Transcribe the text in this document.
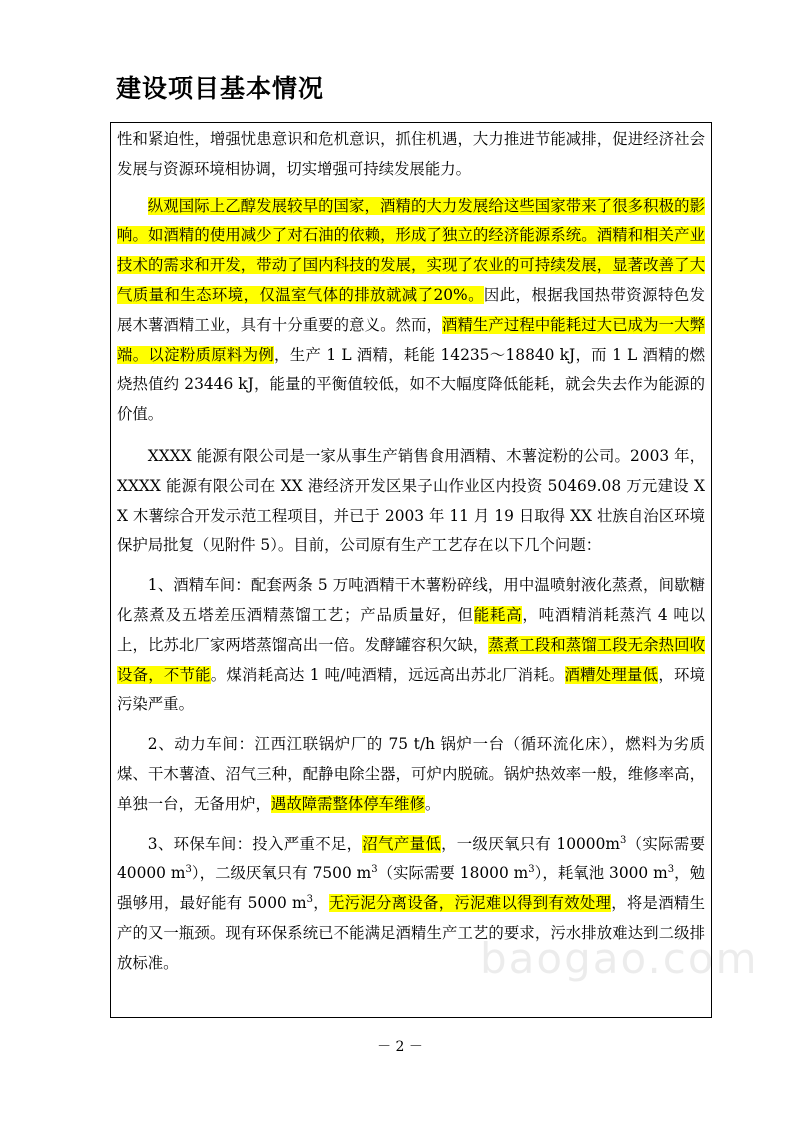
建设项目基本情况

性和紧迫性，增强忧患意识和危机意识，抓住机遇，大力推进节能减排，促进经济社会发展与资源环境相协调，切实增强可持续发展能力。

纵观国际上乙醇发展较早的国家，酒精的大力发展给这些国家带来了很多积极的影响。如酒精的使用减少了对石油的依赖，形成了独立的经济能源系统。酒精和相关产业技术的需求和开发，带动了国内科技的发展，实现了农业的可持续发展，显著改善了大气质量和生态环境，仅温室气体的排放就减了20%。因此，根据我国热带资源特色发展木薯酒精工业，具有十分重要的意义。然而，酒精生产过程中能耗过大已成为一大弊端。以淀粉质原料为例，生产 1 L 酒精，耗能 14235～18840 kJ，而 1 L 酒精的燃烧热值约 23446 kJ，能量的平衡值较低，如不大幅度降低能耗，就会失去作为能源的价值。

XXXX 能源有限公司是一家从事生产销售食用酒精、木薯淀粉的公司。2003 年，XXXX 能源有限公司在 XX 港经济开发区果子山作业区内投资 50469.08 万元建设 XX 木薯综合开发示范工程项目，并已于 2003 年 11 月 19 日取得 XX 壮族自治区环境保护局批复（见附件 5）。目前，公司原有生产工艺存在以下几个问题：

1、酒精车间：配套两条 5 万吨酒精干木薯粉碎线，用中温喷射液化蒸煮，间歇糖化蒸煮及五塔差压酒精蒸馏工艺；产品质量好，但能耗高，吨酒精消耗蒸汽 4 吨以上，比苏北厂家两塔蒸馏高出一倍。发酵罐容积欠缺，蒸煮工段和蒸馏工段无余热回收设备，不节能。煤消耗高达 1 吨/吨酒精，远远高出苏北厂消耗。酒糟处理量低，环境污染严重。

2、动力车间：江西江联锅炉厂的 75 t/h 锅炉一台（循环流化床），燃料为劣质煤、干木薯渣、沼气三种，配静电除尘器，可炉内脱硫。锅炉热效率一般，维修率高，单独一台，无备用炉，遇故障需整体停车维修。

3、环保车间：投入严重不足，沼气产量低，一级厌氧只有 $10000m^3$（实际需要 40000 $m^3$），二级厌氧只有 7500 $m^3$（实际需要 18000 $m^3$），耗氧池 3000 $m^3$，勉强够用，最好能有 5000 $m^3$，无污泥分离设备，污泥难以得到有效处理，将是酒精生产的又一瓶颈。现有环保系统已不能满足酒精生产工艺的要求，污水排放难达到二级排放标准。	baogao.com
－ 2 －
